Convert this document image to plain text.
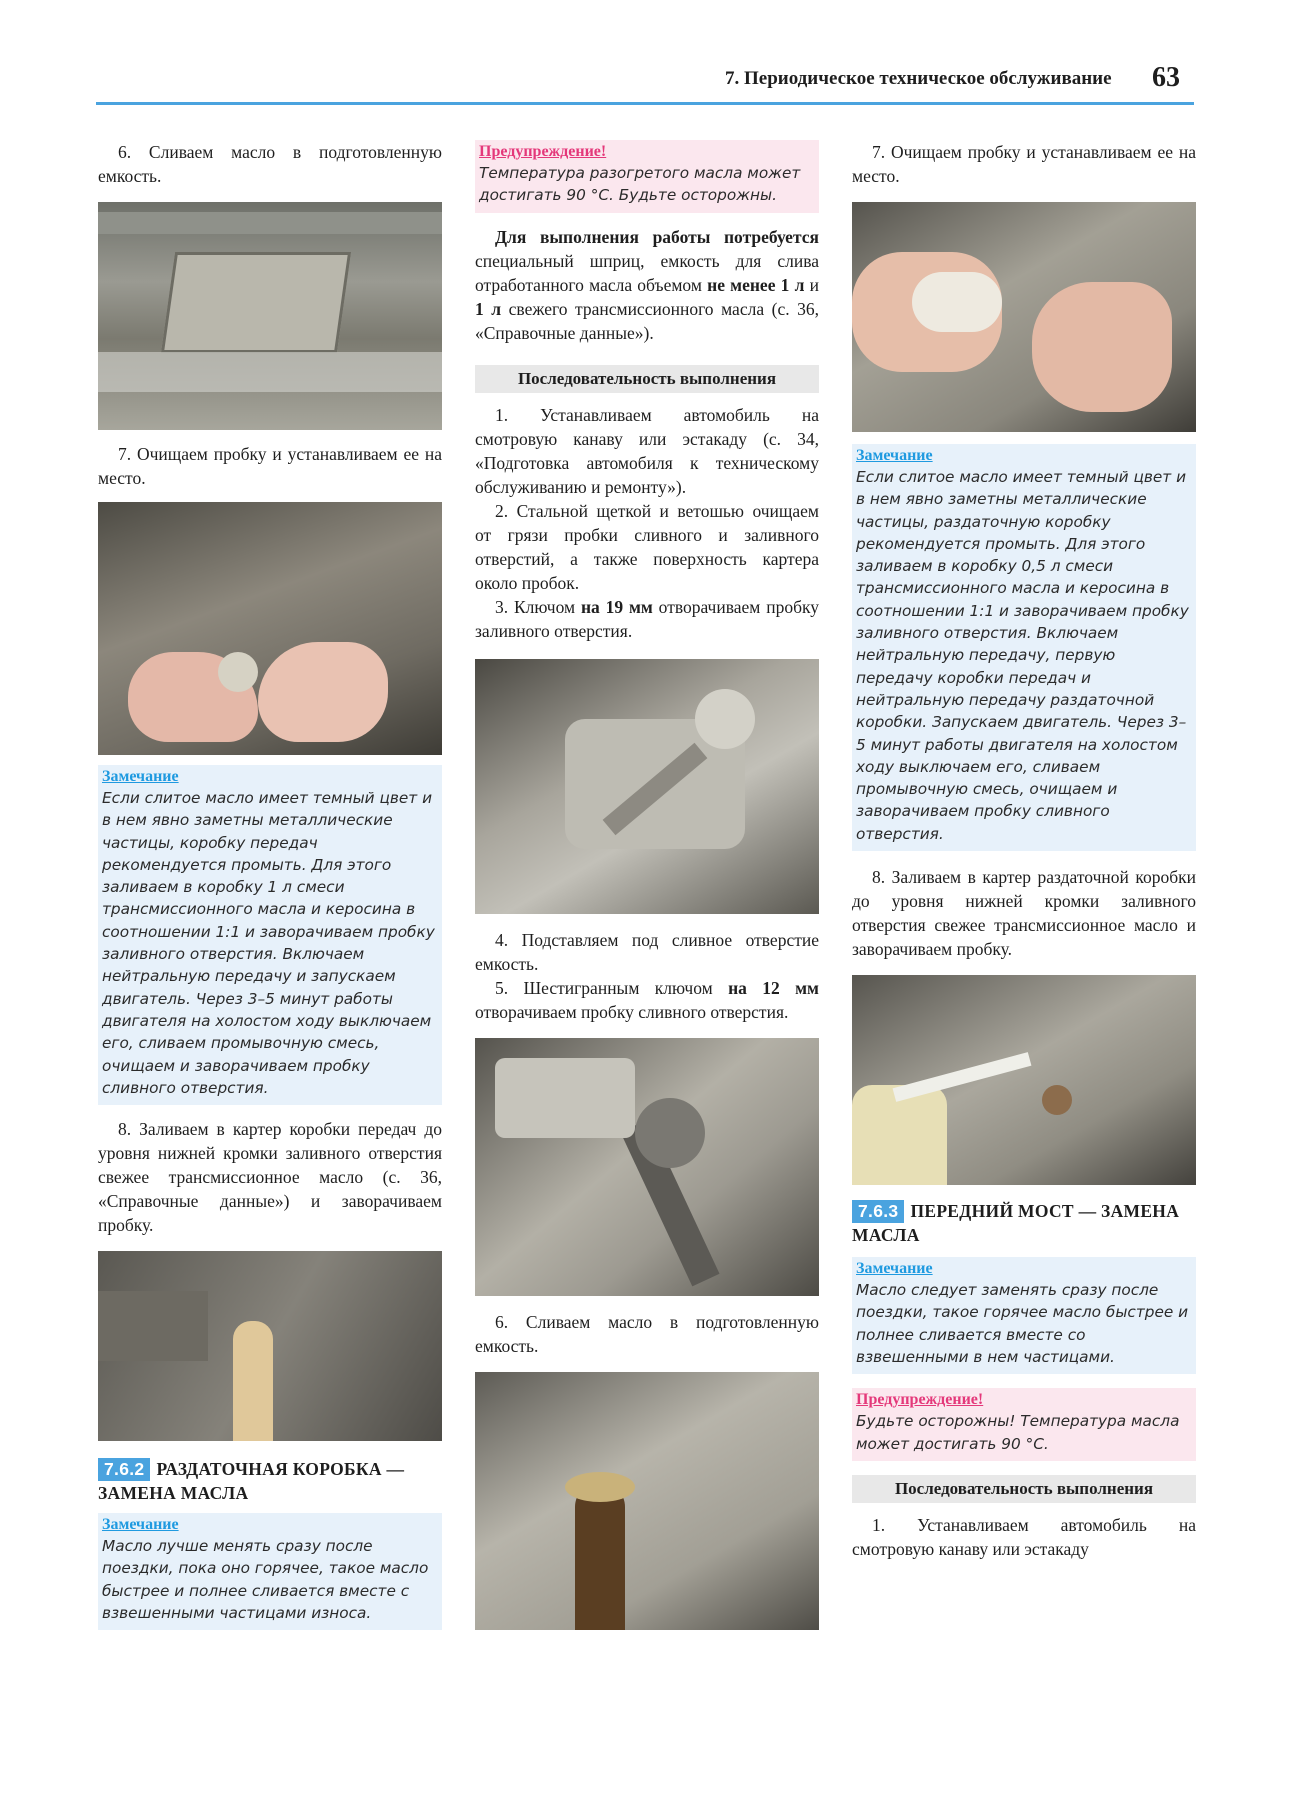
7. Периодическое техническое обслуживание 63

6. Сливаем масло в подготовленную емкость.

7. Очищаем пробку и устанавливаем ее на место.

Замечание
Если слитое масло имеет темный цвет и в нем явно заметны металлические частицы, коробку передач рекомендуется промыть. Для этого заливаем в коробку 1 л смеси трансмиссионного масла и керосина в соотношении 1:1 и заворачиваем пробку заливного отверстия. Включаем нейтральную передачу и запускаем двигатель. Через 3–5 минут работы двигателя на холостом ходу выключаем его, сливаем промывочную смесь, очищаем и заворачиваем пробку сливного отверстия.

8. Заливаем в картер коробки передач до уровня нижней кромки заливного отверстия свежее трансмиссионное масло (с. 36, «Справочные данные») и заворачиваем пробку.

7.6.2 РАЗДАТОЧНАЯ КОРОБКА — ЗАМЕНА МАСЛА
Замечание
Масло лучше менять сразу после поездки, пока оно горячее, такое масло быстрее и полнее сливается вместе с взвешенными частицами износа.
Предупреждение!
Температура разогретого масла может достигать 90 °С. Будьте осторожны.

Для выполнения работы потребуется специальный шприц, емкость для слива отработанного масла объемом не менее 1 л и 1 л свежего трансмиссионного масла (с. 36, «Справочные данные»).

Последовательность выполнения

1. Устанавливаем автомобиль на смотровую канаву или эстакаду (с. 34, «Подготовка автомобиля к техническому обслуживанию и ремонту»).

2. Стальной щеткой и ветошью очищаем от грязи пробки сливного и заливного отверстий, а также поверхность картера около пробок.

3. Ключом на 19 мм отворачиваем пробку заливного отверстия.

4. Подставляем под сливное отверстие емкость.

5. Шестигранным ключом на 12 мм отворачиваем пробку сливного отверстия.

6. Сливаем масло в подготовленную емкость.

7. Очищаем пробку и устанавливаем ее на место.

Замечание
Если слитое масло имеет темный цвет и в нем явно заметны металлические частицы, раздаточную коробку рекомендуется промыть. Для этого заливаем в коробку 0,5 л смеси трансмиссионного масла и керосина в соотношении 1:1 и заворачиваем пробку заливного отверстия. Включаем нейтральную передачу, первую передачу коробки передач и нейтральную передачу раздаточной коробки. Запускаем двигатель. Через 3–5 минут работы двигателя на холостом ходу выключаем его, сливаем промывочную смесь, очищаем и заворачиваем пробку сливного отверстия.

8. Заливаем в картер раздаточной коробки до уровня нижней кромки заливного отверстия свежее трансмиссионное масло и заворачиваем пробку.

7.6.3 ПЕРЕДНИЙ МОСТ — ЗАМЕНА МАСЛА
Замечание
Масло следует заменять сразу после поездки, такое горячее масло быстрее и полнее сливается вместе со взвешенными в нем частицами.
Предупреждение!
Будьте осторожны! Температура масла может достигать 90 °С.
Последовательность выполнения

1. Устанавливаем автомобиль на смотровую канаву или эстакаду
